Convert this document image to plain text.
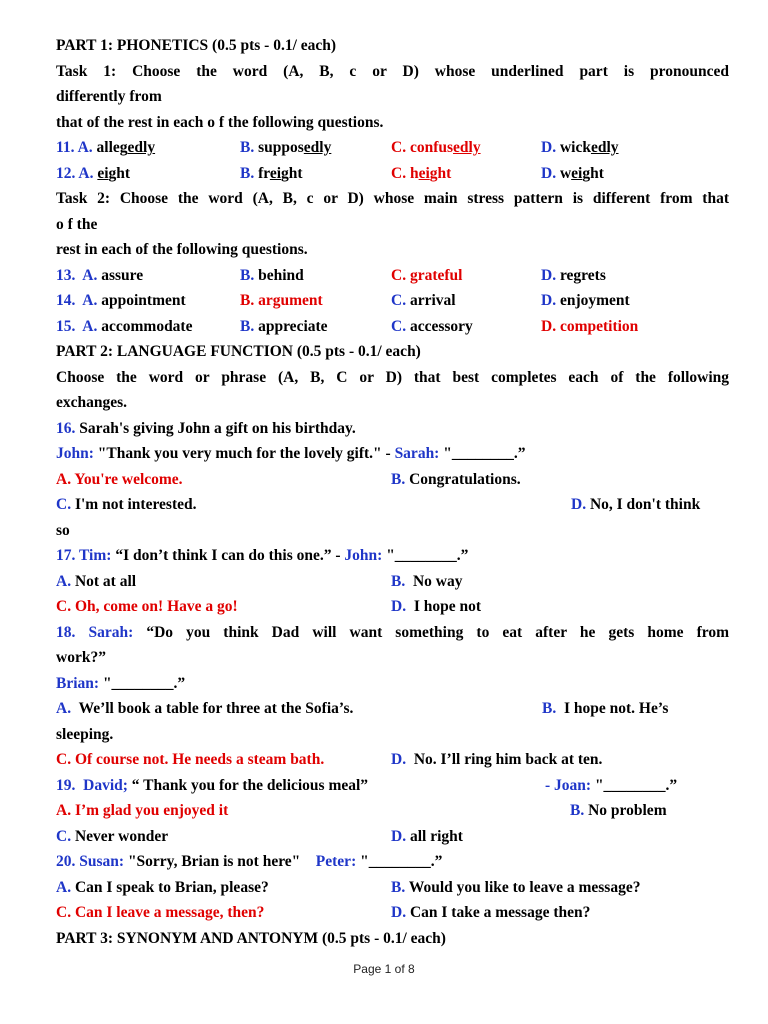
PART 1: PHONETICS (0.5 pts - 0.1/ each)
Task 1: Choose the word (A, B, c or D) whose underlined part is pronounced
differently from
that of the rest in each o f the following questions.
11. A. allegedly	B. supposedly	C. confusedly	D. wickedly
12. A. eight	B. freight	C. height	D. weight
Task 2: Choose the word (A, B, c or D) whose main stress pattern is different from that
o f the
rest in each of the following questions.
13. A. assure	B. behind	C. grateful	D. regrets
14. A. appointment	B. argument	C. arrival	D. enjoyment
15. A. accommodate	B. appreciate	C. accessory	D. competition
PART 2: LANGUAGE FUNCTION (0.5 pts - 0.1/ each)
Choose the word or phrase (A, B, C or D) that best completes each of the following
exchanges.
16. Sarah's giving John a gift on his birthday.
John: "Thank you very much for the lovely gift." - Sarah: "________.”
A. You're welcome.	B. Congratulations.
C. I'm not interested.	D. No, I don't think
so
17. Tim: “I don’t think I can do this one.” - John: "________.”
A. Not at all	B. No way
C. Oh, come on! Have a go!	D. I hope not
18. Sarah: “Do you think Dad will want something to eat after he gets home from
work?”
Brian: "________.”
A. We’ll book a table for three at the Sofia’s.	B. I hope not. He’s
sleeping.
C. Of course not. He needs a steam bath.	D. No. I’ll ring him back at ten.
19. David; “ Thank you for the delicious meal”	- Joan: "________.”
A. I’m glad you enjoyed it	B. No problem
C. Never wonder	D. all right
20. Susan: "Sorry, Brian is not here" Peter: "________.”
A. Can I speak to Brian, please?	B. Would you like to leave a message?
C. Can I leave a message, then?	D. Can I take a message then?
PART 3: SYNONYM AND ANTONYM (0.5 pts - 0.1/ each)
Page 1 of 8
